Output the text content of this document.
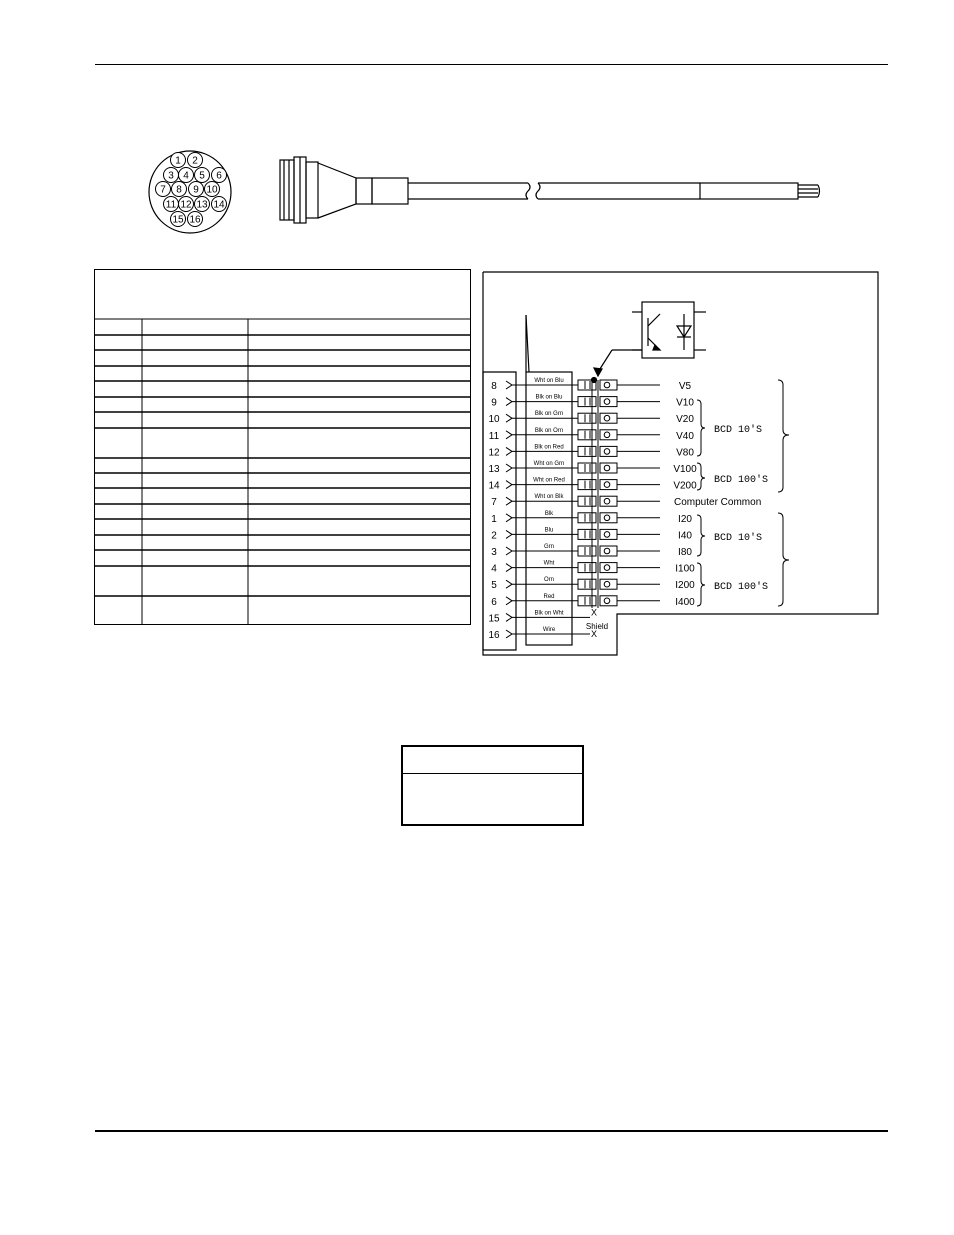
1 2
3 4 5 6
7 8 9 10
11 12 13 14
15 16
8	Wht on Blu	V5
9	Blk on Blu	V10
10	Blk on Grn	V20
11	Blk on Orn	V40
12	Blk on Red	V80
13	Wht on Grn	V100
14	Wht on Red	V200
7	Wht on Blk	Computer Common
1	Blk	I20
2	Blu	I40
3	Grn	I80
4	Wht	I100
5	Orn	I200
6	Red	I400
15	Blk on Wht	X
16	Wire	X
Shield
BCD 10'S
BCD 100'S
BCD 10'S
BCD 100'S
